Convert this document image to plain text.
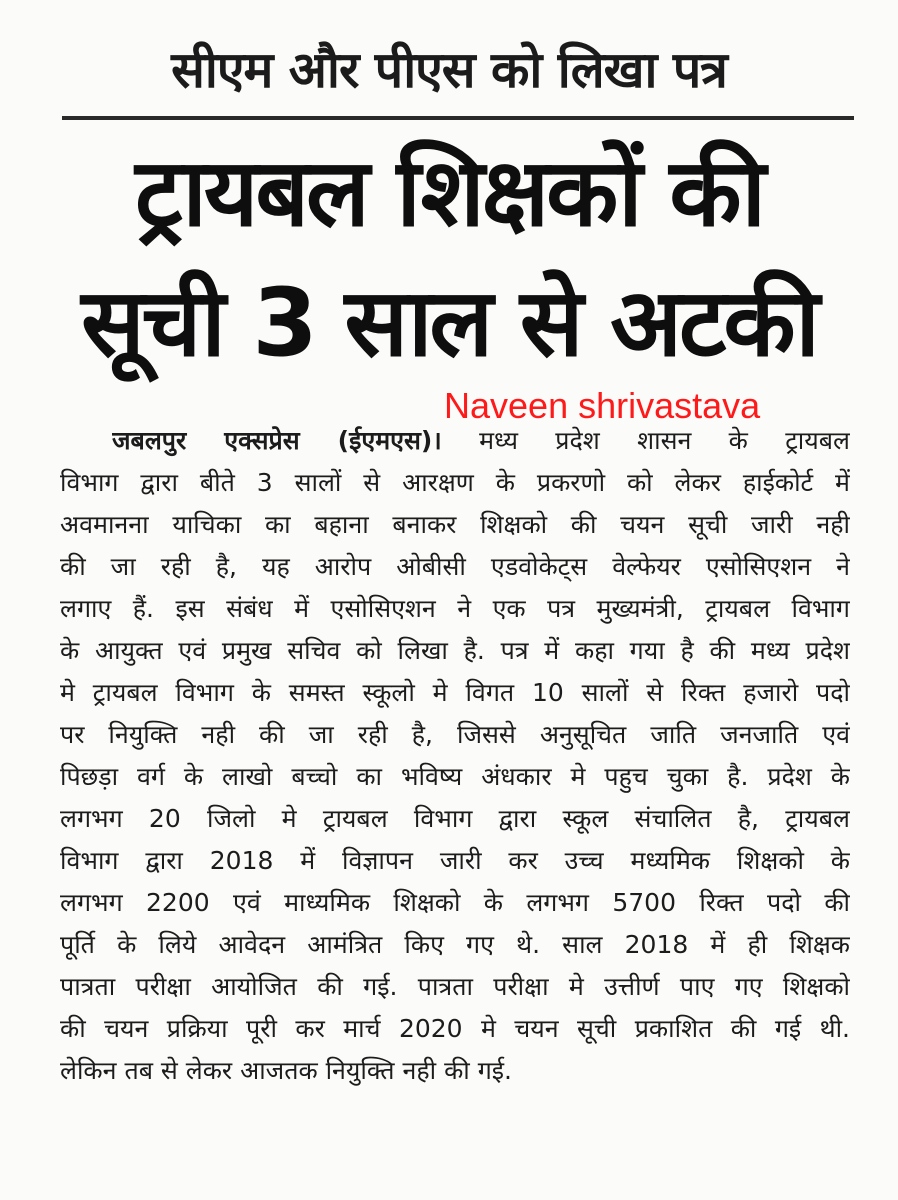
सीएम और पीएस को लिखा पत्र
ट्रायबल शिक्षकों की
सूची 3 साल से अटकी
Naveen shrivastava
जबलपुर एक्सप्रेस (ईएमएस)। मध्य प्रदेश शासन के ट्रायबल
विभाग द्वारा बीते 3 सालों से आरक्षण के प्रकरणो को लेकर हाईकोर्ट में
अवमानना याचिका का बहाना बनाकर शिक्षको की चयन सूची जारी नही
की जा रही है, यह आरोप ओबीसी एडवोकेट्स वेल्फेयर एसोसिएशन ने
लगाए हैं. इस संबंध में एसोसिएशन ने एक पत्र मुख्यमंत्री, ट्रायबल विभाग
के आयुक्त एवं प्रमुख सचिव को लिखा है. पत्र में कहा गया है की मध्य प्रदेश
मे ट्रायबल विभाग के समस्त स्कूलो मे विगत 10 सालों से रिक्त हजारो पदो
पर नियुक्ति नही की जा रही है, जिससे अनुसूचित जाति जनजाति एवं
पिछड़ा वर्ग के लाखो बच्चो का भविष्य अंधकार मे पहुच चुका है. प्रदेश के
लगभग 20 जिलो मे ट्रायबल विभाग द्वारा स्कूल संचालित है, ट्रायबल
विभाग द्वारा 2018 में विज्ञापन जारी कर उच्च मध्यमिक शिक्षको के
लगभग 2200 एवं माध्यमिक शिक्षको के लगभग 5700 रिक्त पदो की
पूर्ति के लिये आवेदन आमंत्रित किए गए थे. साल 2018 में ही शिक्षक
पात्रता परीक्षा आयोजित की गई. पात्रता परीक्षा मे उत्तीर्ण पाए गए शिक्षको
की चयन प्रक्रिया पूरी कर मार्च 2020 मे चयन सूची प्रकाशित की गई थी.
लेकिन तब से लेकर आजतक नियुक्ति नही की गई.
